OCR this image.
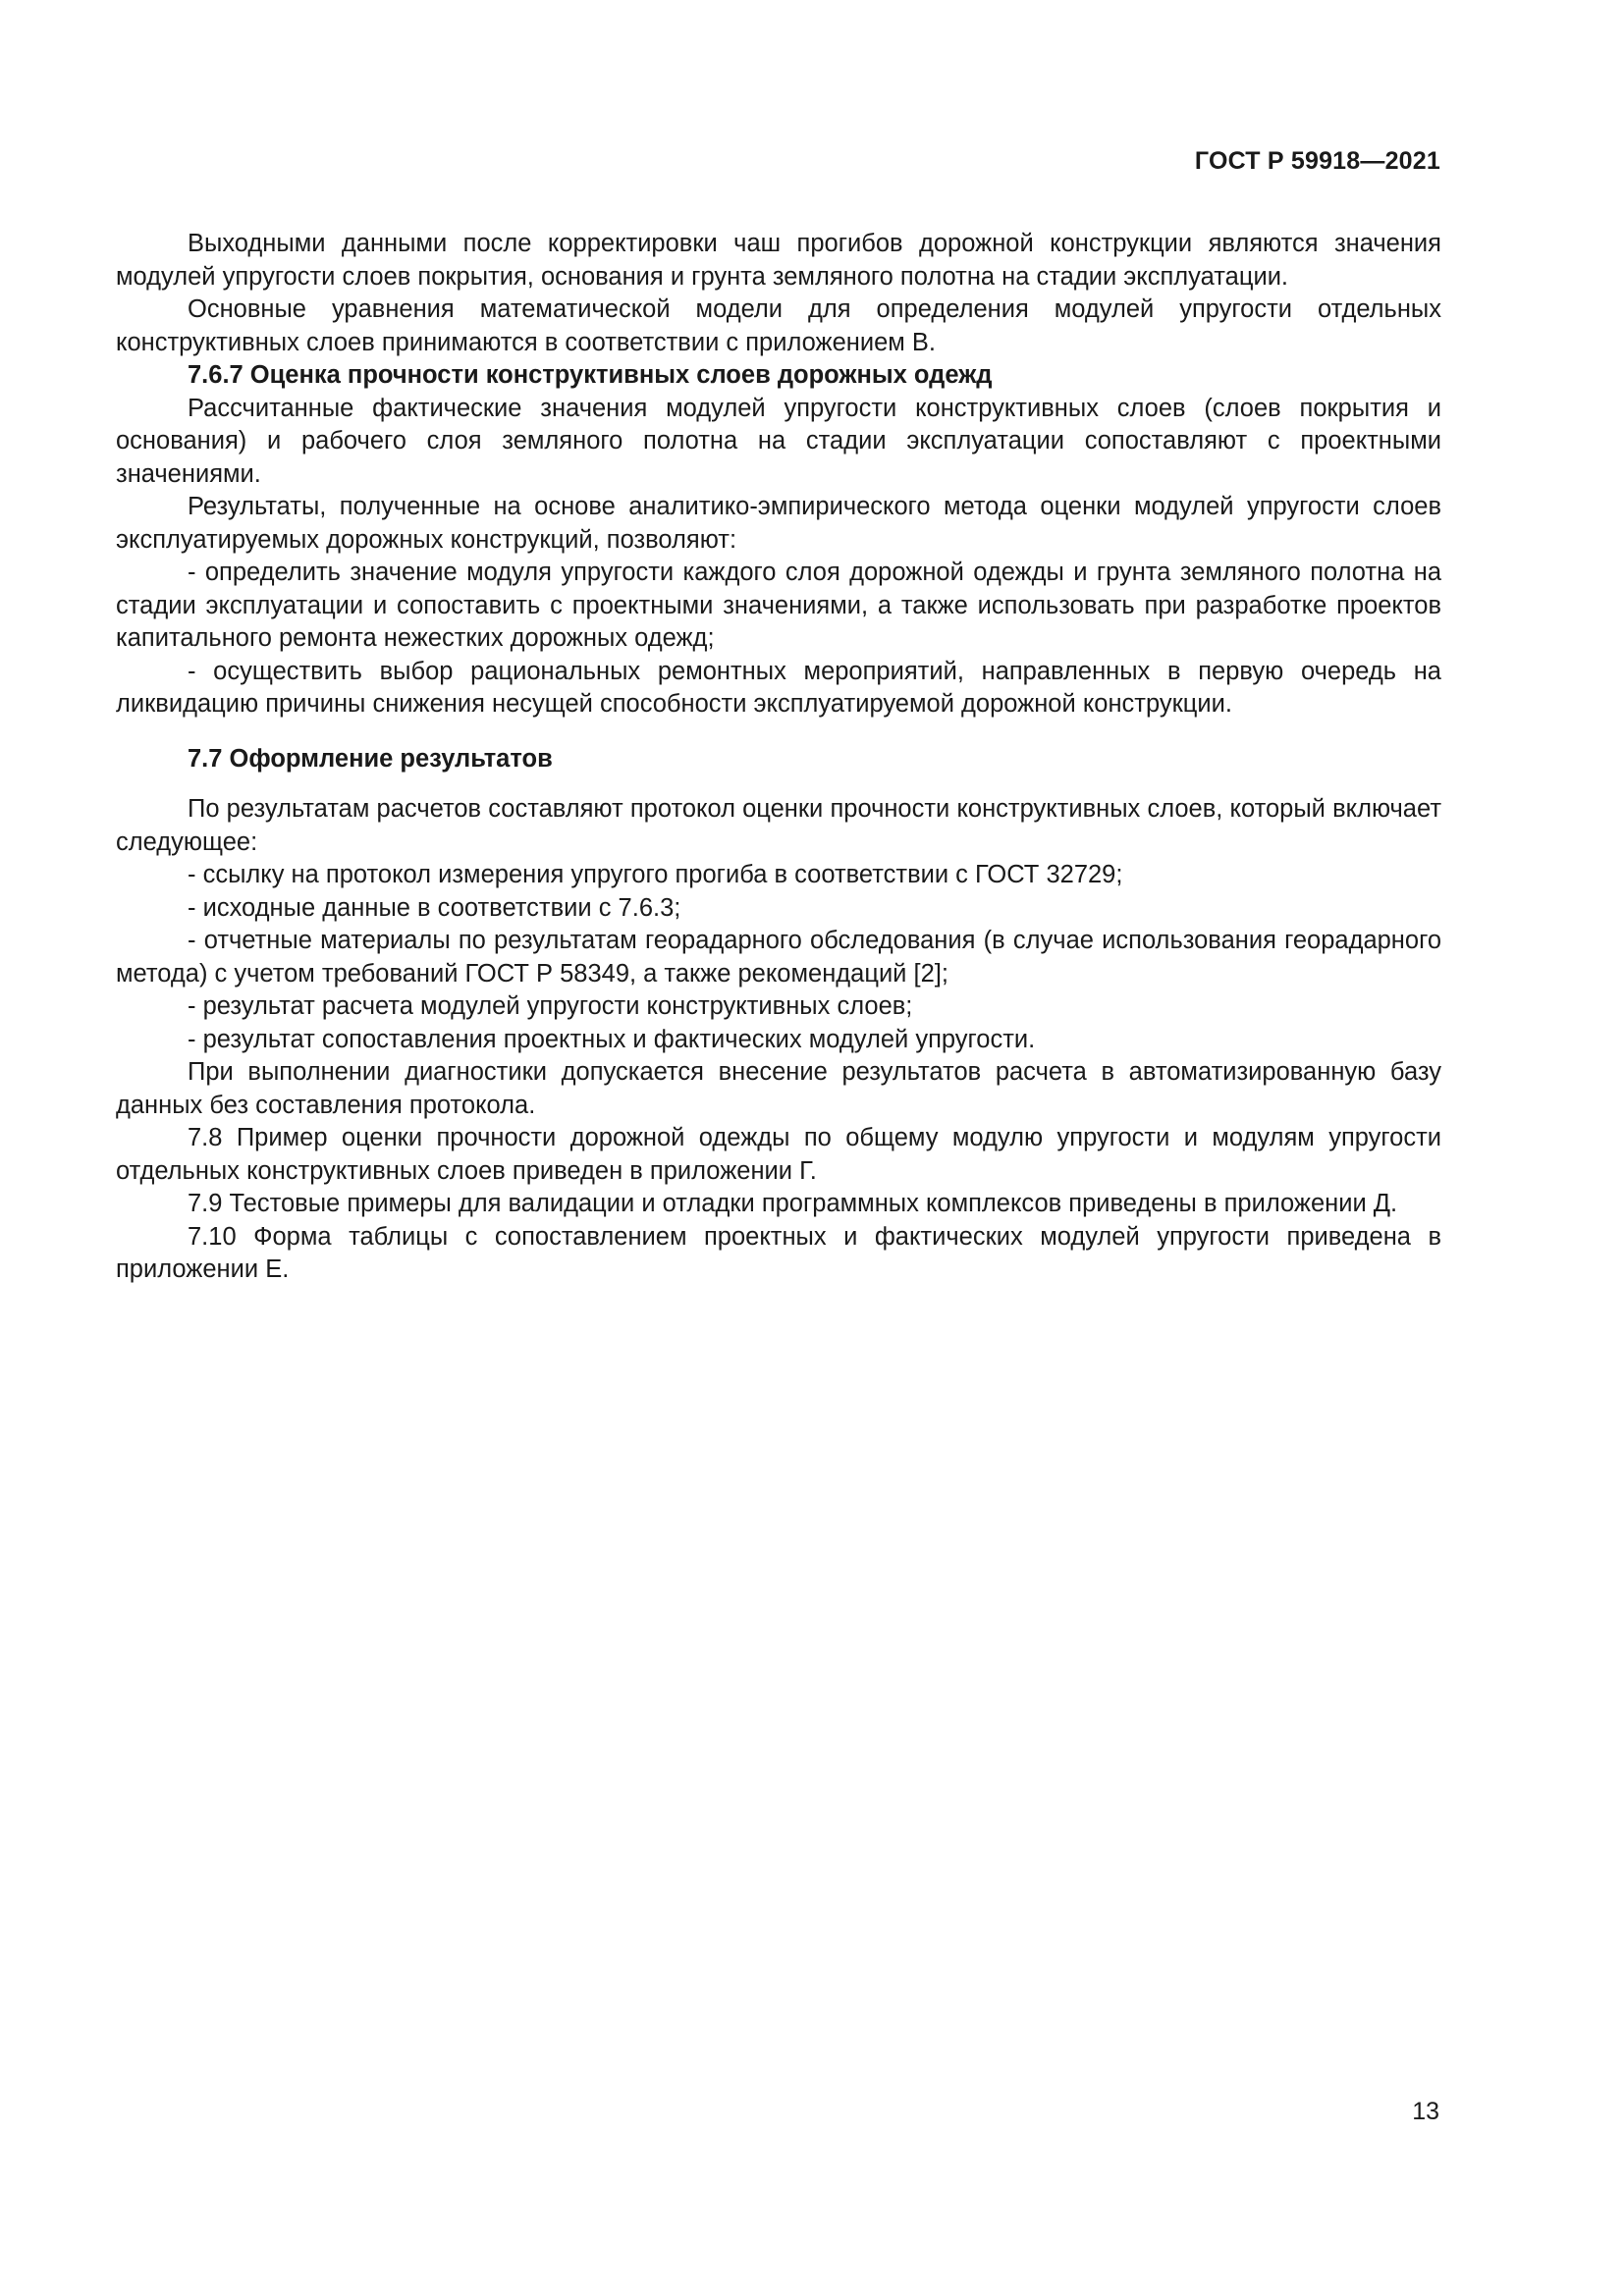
ГОСТ Р 59918—2021

Выходными данными после корректировки чаш прогибов дорожной конструкции являются значения модулей упругости слоев покрытия, основания и грунта земляного полотна на стадии эксплуатации.

Основные уравнения математической модели для определения модулей упругости отдельных конструктивных слоев принимаются в соответствии с приложением В.

7.6.7 Оценка прочности конструктивных слоев дорожных одежд

Рассчитанные фактические значения модулей упругости конструктивных слоев (слоев покрытия и основания) и рабочего слоя земляного полотна на стадии эксплуатации сопоставляют с проектными значениями.

Результаты, полученные на основе аналитико-эмпирического метода оценки модулей упругости слоев эксплуатируемых дорожных конструкций, позволяют:

- определить значение модуля упругости каждого слоя дорожной одежды и грунта земляного полотна на стадии эксплуатации и сопоставить с проектными значениями, а также использовать при разработке проектов капитального ремонта нежестких дорожных одежд;

- осуществить выбор рациональных ремонтных мероприятий, направленных в первую очередь на ликвидацию причины снижения несущей способности эксплуатируемой дорожной конструкции.

7.7 Оформление результатов

По результатам расчетов составляют протокол оценки прочности конструктивных слоев, который включает следующее:

- ссылку на протокол измерения упругого прогиба в соответствии с ГОСТ 32729;

- исходные данные в соответствии с 7.6.3;

- отчетные материалы по результатам георадарного обследования (в случае использования георадарного метода) с учетом требований ГОСТ Р 58349, а также рекомендаций [2];

- результат расчета модулей упругости конструктивных слоев;

- результат сопоставления проектных и фактических модулей упругости.

При выполнении диагностики допускается внесение результатов расчета в автоматизированную базу данных без составления протокола.

7.8 Пример оценки прочности дорожной одежды по общему модулю упругости и модулям упругости отдельных конструктивных слоев приведен в приложении Г.

7.9 Тестовые примеры для валидации и отладки программных комплексов приведены в приложении Д.

7.10 Форма таблицы с сопоставлением проектных и фактических модулей упругости приведена в приложении Е.

13
